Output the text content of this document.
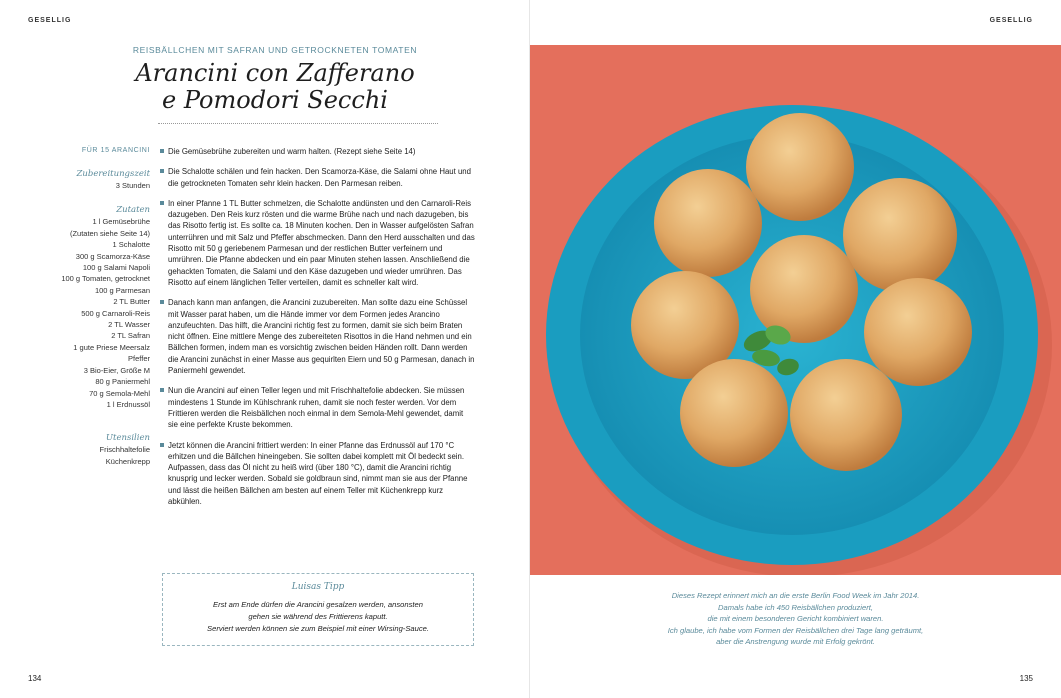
GESELLIG
REISBÄLLCHEN MIT SAFRAN UND GETROCKNETEN TOMATEN
Arancini con Zafferano
e Pomodori Secchi
FÜR 15 ARANCINI
Zubereitungszeit
3 Stunden
Zutaten
1 l Gemüsebrühe
(Zutaten siehe Seite 14)
1 Schalotte
300 g Scamorza-Käse
100 g Salami Napoli
100 g Tomaten, getrocknet
100 g Parmesan
2 TL Butter
500 g Carnaroli-Reis
2 TL Wasser
2 TL Safran
1 gute Priese Meersalz
Pfeffer
3 Bio-Eier, Größe M
80 g Paniermehl
70 g Semola-Mehl
1 l Erdnussöl
Utensilien
Frischhaltefolie
Küchenkrepp
Die Gemüsebrühe zubereiten und warm halten. (Rezept siehe Seite 14)
Die Schalotte schälen und fein hacken. Den Scamorza-Käse, die Salami ohne Haut und die getrockneten Tomaten sehr klein hacken. Den Parmesan reiben.
In einer Pfanne 1 TL Butter schmelzen, die Schalotte andünsten und den Carnaroli-Reis dazugeben. Den Reis kurz rösten und die warme Brühe nach und nach dazugeben, bis das Risotto fertig ist. Es sollte ca. 18 Minuten kochen. Den in Wasser aufgelösten Safran unterrühren und mit Salz und Pfeffer abschmecken. Dann den Herd ausschalten und das Risotto mit 50 g geriebenem Parmesan und der restlichen Butter verfeinern und umrühren. Die Pfanne abdecken und ein paar Minuten stehen lassen. Anschließend die gehackten Tomaten, die Salami und den Käse dazugeben und wieder umrühren. Das Risotto auf einem länglichen Teller verteilen, damit es schneller kalt wird.
Danach kann man anfangen, die Arancini zuzubereiten. Man sollte dazu eine Schüssel mit Wasser parat haben, um die Hände immer vor dem Formen jedes Arancino anzufeuchten. Das hilft, die Arancini richtig fest zu formen, damit sie sich beim Braten nicht öffnen. Eine mittlere Menge des zubereiteten Risottos in die Hand nehmen und ein Bällchen formen, indem man es vorsichtig zwischen beiden Händen rollt. Dann werden die Arancini zunächst in einer Masse aus gequirlten Eiern und 50 g Parmesan, danach in Paniermehl gewendet.
Nun die Arancini auf einen Teller legen und mit Frischhaltefolie abdecken. Sie müssen mindestens 1 Stunde im Kühlschrank ruhen, damit sie noch fester werden. Vor dem Frittieren werden die Reisbällchen noch einmal in dem Semola-Mehl gewendet, damit sie eine perfekte Kruste bekommen.
Jetzt können die Arancini frittiert werden: In einer Pfanne das Erdnussöl auf 170 °C erhitzen und die Bällchen hineingeben. Sie sollten dabei komplett mit Öl bedeckt sein. Aufpassen, dass das Öl nicht zu heiß wird (über 180 °C), damit die Arancini richtig knusprig und lecker werden. Sobald sie goldbraun sind, nimmt man sie aus der Pfanne und lässt die heißen Bällchen am besten auf einem Teller mit Küchenkrepp kurz abkühlen.
Luisas Tipp
Erst am Ende dürfen die Arancini gesalzen werden, ansonsten
gehen sie während des Frittierens kaputt.
Serviert werden können sie zum Beispiel mit einer Wirsing-Sauce.
134
GESELLIG
Dieses Rezept erinnert mich an die erste Berlin Food Week im Jahr 2014.
Damals habe ich 450 Reisbällchen produziert,
die mit einem besonderen Gericht kombiniert waren.
Ich glaube, ich habe vom Formen der Reisbällchen drei Tage lang geträumt,
aber die Anstrengung wurde mit Erfolg gekrönt.
135
